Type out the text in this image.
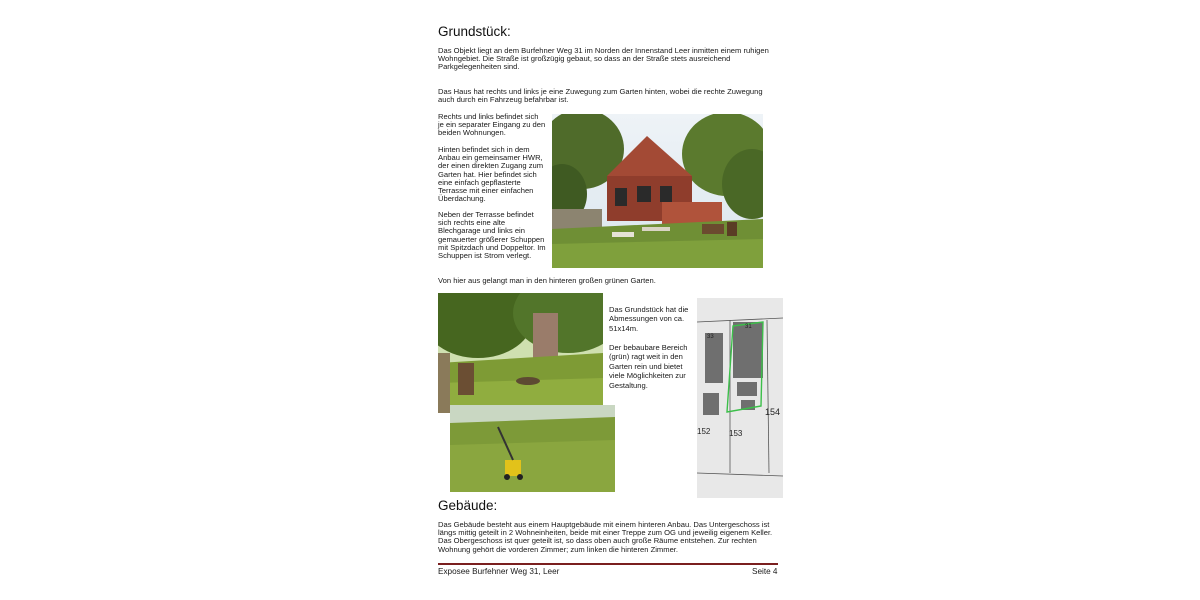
Grundstück:

Das Objekt liegt an dem Burfehner Weg 31 im Norden der Innenstand Leer inmitten einem ruhigen Wohngebiet. Die Straße ist großzügig gebaut, so dass an der Straße stets ausreichend Parkgelegenheiten sind.

Das Haus hat rechts und links je eine Zuwegung zum Garten hinten, wobei die rechte Zuwegung auch durch ein Fahrzeug befahrbar ist.

Rechts und links befindet sich je ein separater Eingang zu den beiden Wohnungen.

Hinten befindet sich in dem Anbau ein gemeinsamer HWR, der einen direkten Zugang zum Garten hat. Hier befindet sich eine einfach gepflasterte Terrasse mit einer einfachen Überdachung.

Neben der Terrasse befindet sich rechts eine alte Blechgarage und links ein gemauerter größerer Schuppen mit Spitzdach und Doppeltor. Im Schuppen ist Strom verlegt.

Von hier aus gelangt man in den hinteren großen grünen Garten.

Das Grundstück hat die Abmessungen von ca. 51x14m.

Der bebaubare Bereich (grün) ragt weit in den Garten rein und bietet viele Möglichkeiten zur Gestaltung.

31
33
154
152 153
Gebäude:

Das Gebäude besteht aus einem Hauptgebäude mit einem hinteren Anbau. Das Untergeschoss ist längs mittig geteilt in 2 Wohneinheiten, beide mit einer Treppe zum OG und jeweilig eigenem Keller. Das Obergeschoss ist quer geteilt ist, so dass oben auch große Räume entstehen. Zur rechten Wohnung gehört die vorderen Zimmer; zum linken die hinteren Zimmer.

Exposee Burfehner Weg 31, Leer	Seite 4
